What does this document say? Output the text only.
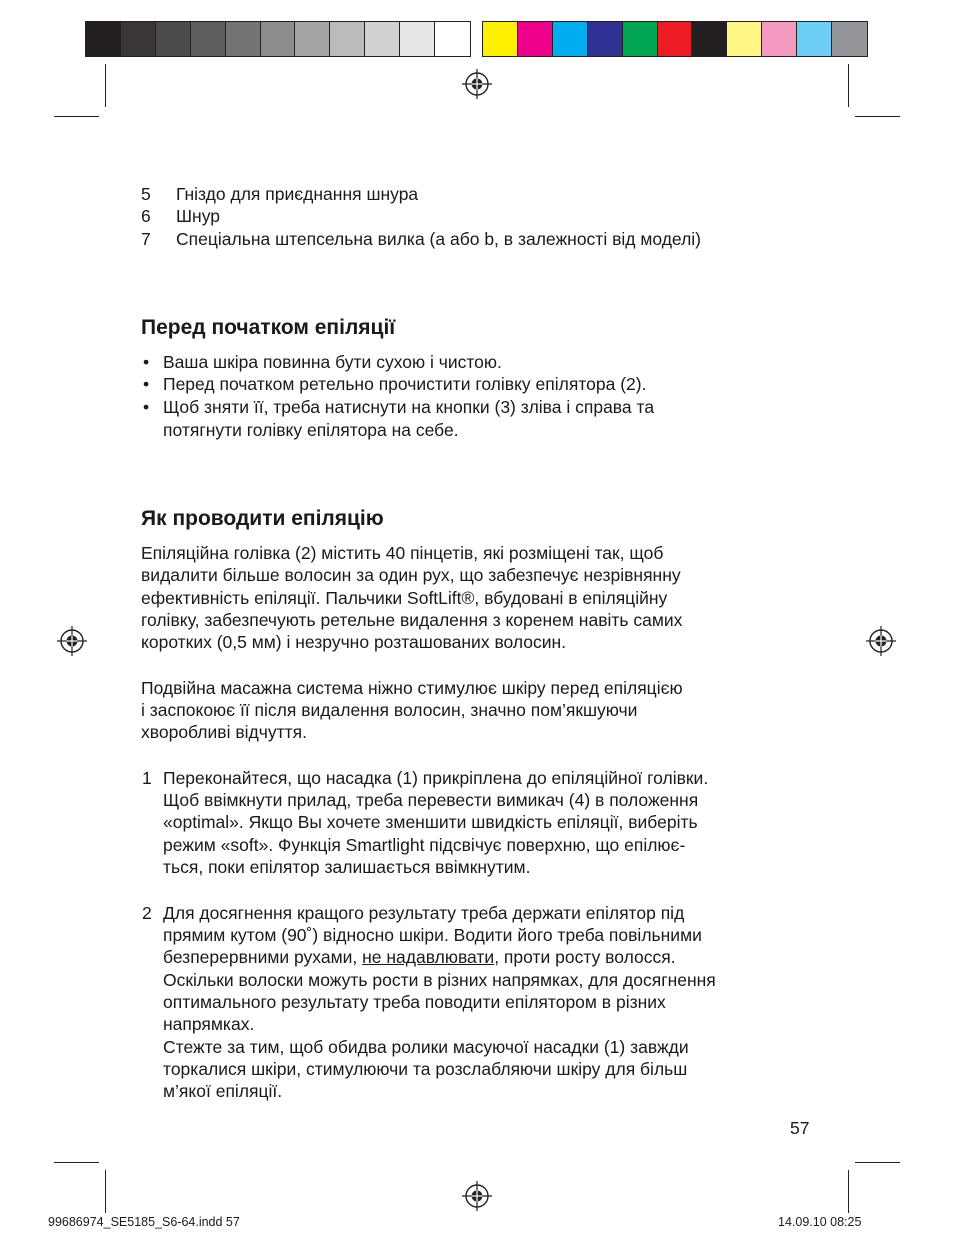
5 Гніздо для приєднання шнура
6 Шнур
7 Спеціальна штепсельна вилка (a або b, в залежності від моделі)
Перед початком епіляції
• Ваша шкіра повинна бути сухою і чистою.
• Перед початком ретельно прочистити голівку епілятора (2).
• Щоб зняти її, треба натиснути на кнопки (3) зліва і справа та
потягнути голівку епілятора на себе.
Як проводити епіляцію
Епіляційна голівка (2) містить 40 пінцетів, які розміщені так, щоб
видалити більше волосин за один рух, що забезпечує незрівнянну
ефективність епіляції. Пальчики SoftLift®, вбудовані в епіляційну
голівку, забезпечують ретельне видалення з коренем навіть самих
коротких (0,5 мм) і незручно розташованих волосин.
Подвійна масажна система ніжно стимулює шкіру перед епіляцією
і заспокоює її після видалення волосин, значно пом’якшуючи
хворобливі відчуття.
1 Переконайтеся, що насадка (1) прикріплена до епіляційної голівки.
Щоб ввімкнути прилад, треба перевести вимикач (4) в положення
«optimal». Якщо Вы хочете зменшити швидкість епіляції, виберіть
режим «soft». Функція Smartlight підсвічує поверхню, що епілює-
ться, поки епілятор залишається ввімкнутим.
2 Для досягнення кращого результату треба держати епілятор під
прямим кутом (90˚) відносно шкіри. Водити його треба повільними
безперервними рухами, не надавлювати, проти росту волосся.
Оскільки волоски можуть рости в різних напрямках, для досягнення
оптимального результату треба поводити епілятором в різних
напрямках.
Стежте за тим, щоб обидва ролики масуючої насадки (1) завжди
торкалися шкіри, стимулюючи та розслабляючи шкіру для більш
м’якої епіляції.
57
99686974_SE5185_S6-64.indd 57	14.09.10 08:25
